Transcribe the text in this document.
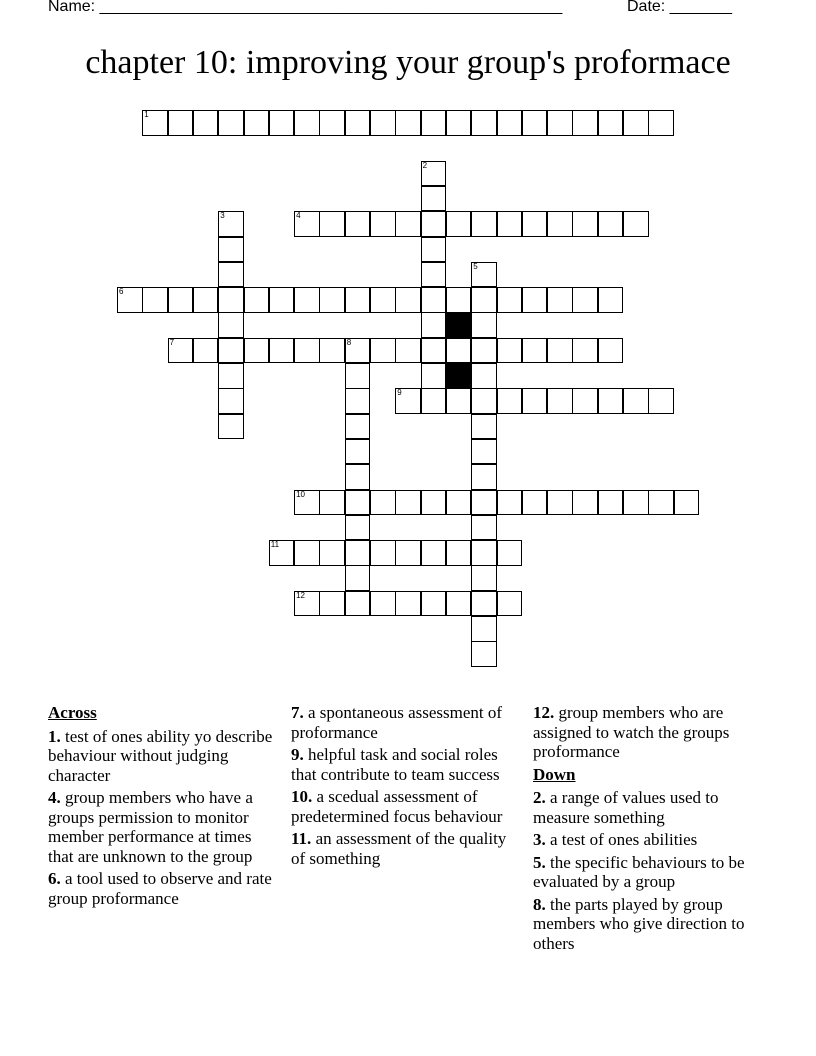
Name: ____________________________________________________	Date: _______
chapter 10: improving your group's proformace
1
2
3	4
5
6
7	8
9
10
11
12
Across

1. test of ones ability yo describe behaviour without judging character

4. group members who have a groups permission to monitor member performance at times that are unknown to the group

6. a tool used to observe and rate group proformance

7. a spontaneous assessment of proformance

9. helpful task and social roles that contribute to team success

10. a scedual assessment of predetermined focus behaviour

11. an assessment of the quality of something

12. group members who are assigned to watch the groups proformance

Down

2. a range of values used to measure something

3. a test of ones abilities

5. the specific behaviours to be evaluated by a group

8. the parts played by group members who give direction to others
